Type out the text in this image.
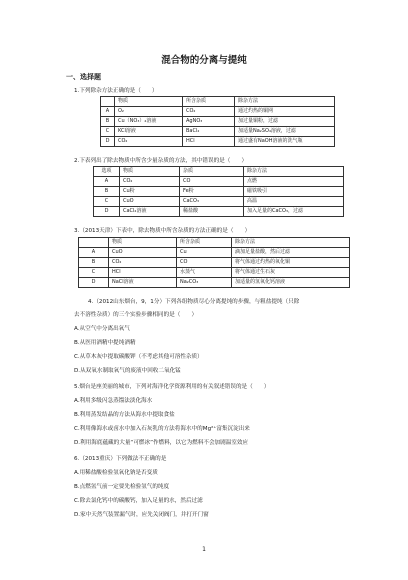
混合物的分离与提纯
一、选择题
1.下列除杂方法正确的是（　　）
	物质	所含杂质	除杂方法
A	O₂	CO₂	通过灼热的铜网
B	Cu（NO₃）₂溶液	AgNO₃	加过量铜粉，过滤
C	KCl溶液	BaCl₂	加适量Na₂SO₄溶液，过滤
D	CO₂	HCl	通过盛有NaOH溶液的洗气瓶
2.下表列出了除去物质中所含少量杂质的方法，其中错误的是（　　）
选项	物质	杂质	除杂方法
A	CO₂	CO	点燃
B	Cu粉	Fe粉	磁铁吸引
C	CuO	CaCO₃	高温
D	CaCl₂溶液	稀盐酸	加入足量的CaCO₃，过滤
3.（2013天津）下表中，除去物质中所含杂质的方法正确的是（　　）
	物质	所含杂质	除杂方法
A	CuO	Cu	滴加足量盐酸，然后过滤
B	CO₂	CO	将气体通过灼热的氧化铜
C	HCl	水蒸气	将气体通过生石灰
D	NaCl溶液	Na₂CO₃	加适量的氢氧化钙溶液
4.（2012山东烟台，9，1分）下列各组物质尽心分离提纯的步骤，与粗盐提纯（只除
去不溶性杂质）的三个实验步骤相同的是（　　）
A.从空气中分离出氧气
B.从医用酒精中提纯酒精
C.从草木灰中提取碳酸钾（不考虑其他可溶性杂质）
D.从双氧水制取氧气的废液中回收二氧化锰
5.烟台是座美丽的城市，下列对海洋化学资源利用的有关叙述错误的是（　　）
A.利用多级闪急蒸馏法淡化海水
B.利用蒸发结晶的方法从海水中提取食盐
C.利用像海水或卤水中加入石灰乳的方法将海水中的Mg²⁺富集沉淀出来
D.利用海底蕴藏的大量“可燃冰”作燃料，以它为燃料不会加剧温室效应
6.（2013重庆）下列做法不正确的是
A.用稀盐酸检验氢氧化钠是否变质
B.点燃氢气前一定要先检验氢气的纯度
C.除去氯化钙中的碳酸钙，加入足量的水，然后过滤
D.家中天然气装置漏气时，应先关闭阀门，并打开门窗
1
